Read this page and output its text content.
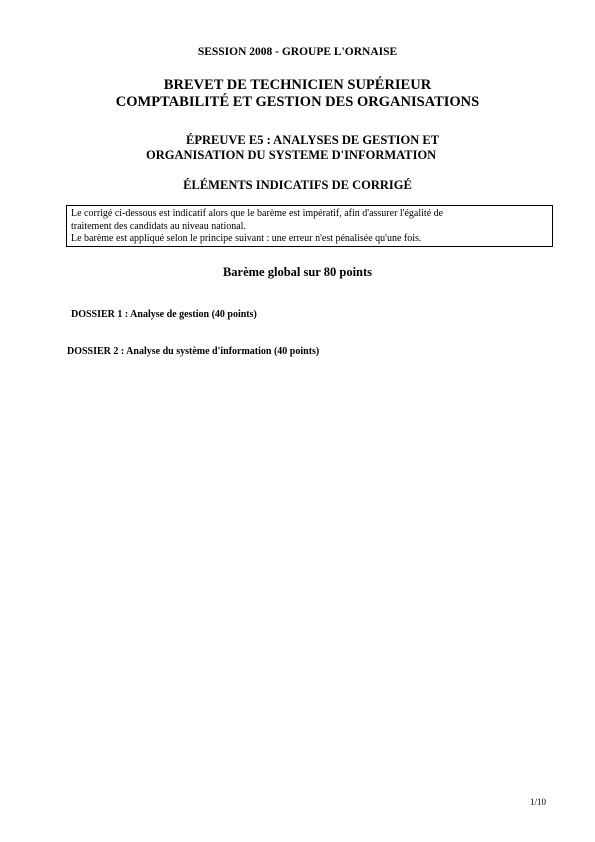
SESSION 2008 - GROUPE L'ORNAISE
BREVET DE TECHNICIEN SUPÉRIEUR
COMPTABILITÉ ET GESTION DES ORGANISATIONS
ÉPREUVE E5 : ANALYSES DE GESTION ET
ORGANISATION DU SYSTEME D'INFORMATION
ÉLÉMENTS INDICATIFS DE CORRIGÉ
Le corrigé ci-dessous est indicatif alors que le barème est impératif, afin d'assurer l'égalité de
traitement des candidats au niveau national.
Le barème est appliqué selon le principe suivant : une erreur n'est pénalisée qu'une fois.
Barème global sur 80 points
DOSSIER 1 : Analyse de gestion (40 points)
DOSSIER 2 : Analyse du système d'information (40 points)
1/10
